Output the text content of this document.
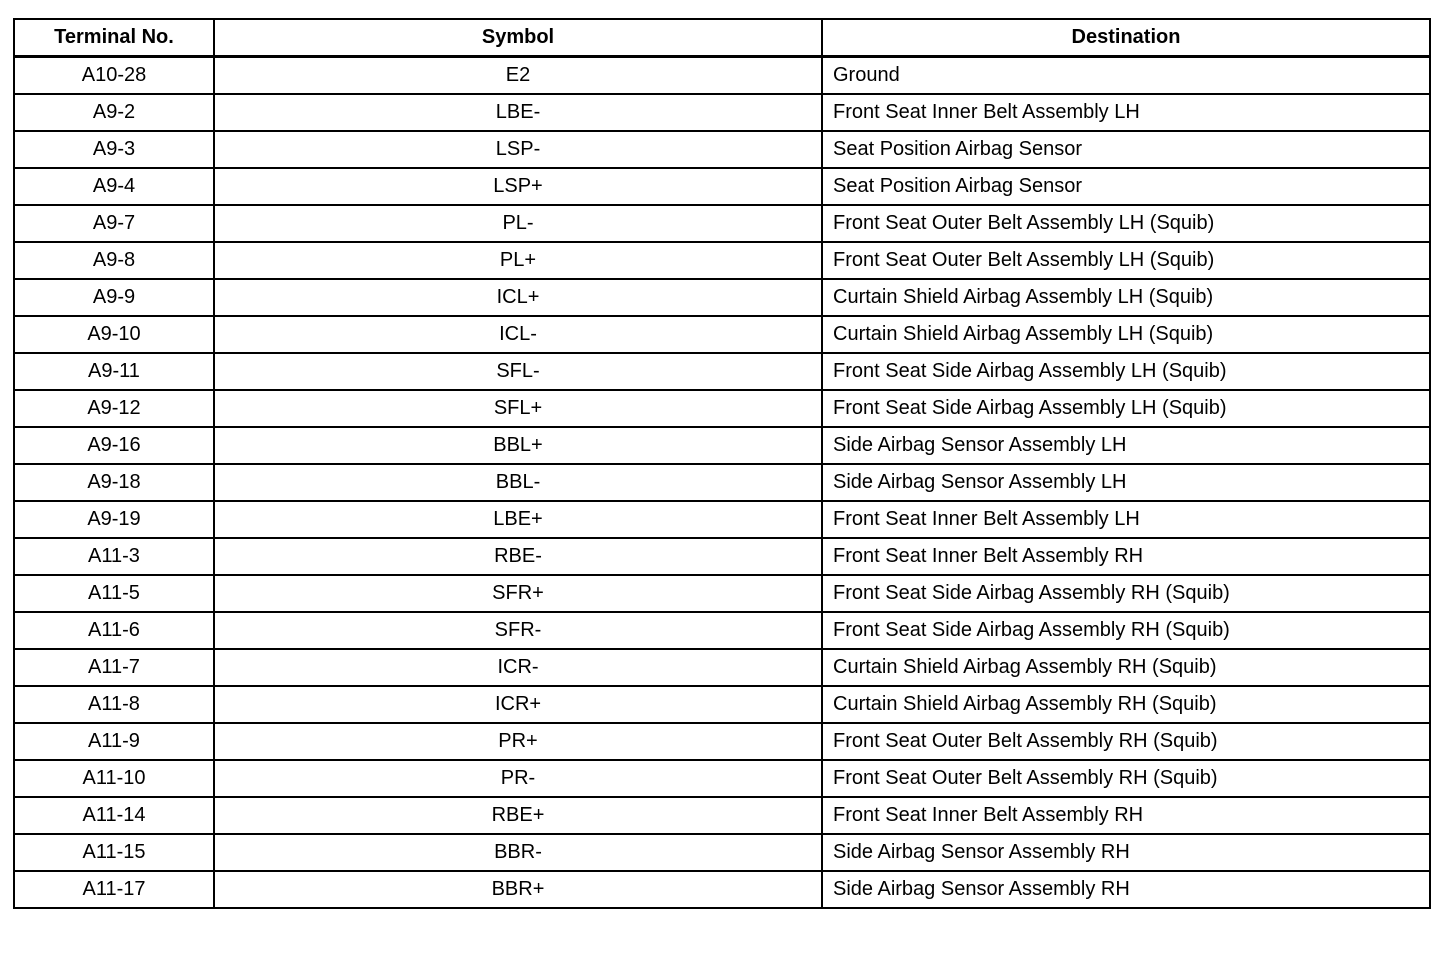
Terminal No.	Symbol	Destination
A10-28	E2	Ground
A9-2	LBE-	Front Seat Inner Belt Assembly LH
A9-3	LSP-	Seat Position Airbag Sensor
A9-4	LSP+	Seat Position Airbag Sensor
A9-7	PL-	Front Seat Outer Belt Assembly LH (Squib)
A9-8	PL+	Front Seat Outer Belt Assembly LH (Squib)
A9-9	ICL+	Curtain Shield Airbag Assembly LH (Squib)
A9-10	ICL-	Curtain Shield Airbag Assembly LH (Squib)
A9-11	SFL-	Front Seat Side Airbag Assembly LH (Squib)
A9-12	SFL+	Front Seat Side Airbag Assembly LH (Squib)
A9-16	BBL+	Side Airbag Sensor Assembly LH
A9-18	BBL-	Side Airbag Sensor Assembly LH
A9-19	LBE+	Front Seat Inner Belt Assembly LH
A11-3	RBE-	Front Seat Inner Belt Assembly RH
A11-5	SFR+	Front Seat Side Airbag Assembly RH (Squib)
A11-6	SFR-	Front Seat Side Airbag Assembly RH (Squib)
A11-7	ICR-	Curtain Shield Airbag Assembly RH (Squib)
A11-8	ICR+	Curtain Shield Airbag Assembly RH (Squib)
A11-9	PR+	Front Seat Outer Belt Assembly RH (Squib)
A11-10	PR-	Front Seat Outer Belt Assembly RH (Squib)
A11-14	RBE+	Front Seat Inner Belt Assembly RH
A11-15	BBR-	Side Airbag Sensor Assembly RH
A11-17	BBR+	Side Airbag Sensor Assembly RH
